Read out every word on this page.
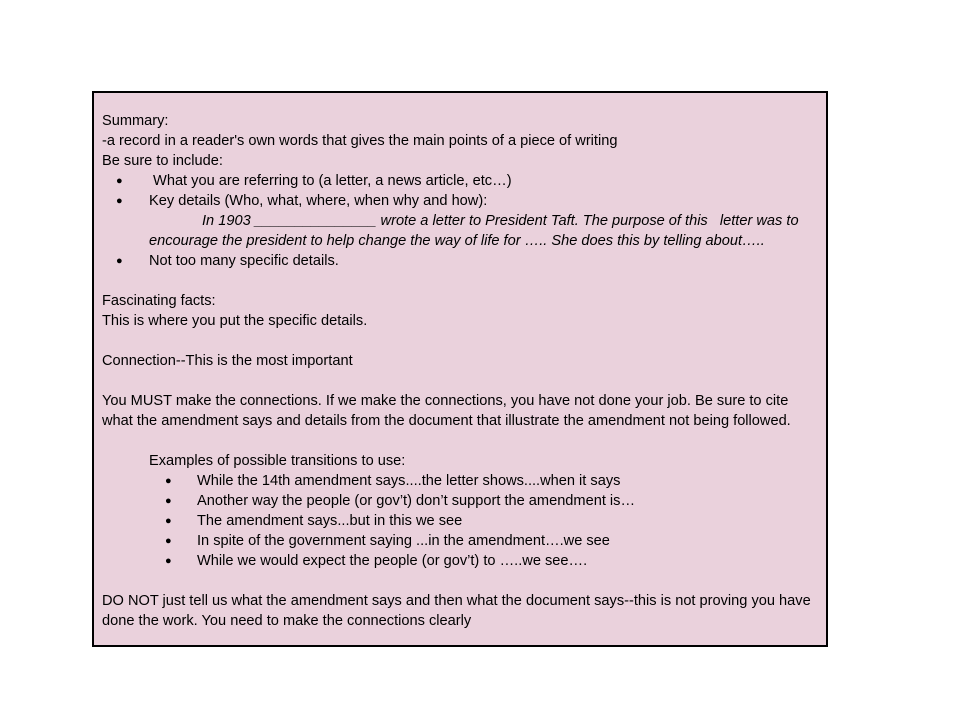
Summary:
-a record in a reader's own words that gives the main points of a piece of writing
Be sure to include:
● What you are referring to (a letter, a news article, etc…)
● Key details (Who, what, where, when why and how):
In 1903 _______________ wrote a letter to President Taft. The purpose of this   letter was to
encourage the president to help change the way of life for ….. She does this by telling about…..
● Not too many specific details.
Fascinating facts:
This is where you put the specific details.
Connection--This is the most important
You MUST make the connections. If we make the connections, you have not done your job. Be sure to cite
what the amendment says and details from the document that illustrate the amendment not being followed.
Examples of possible transitions to use:
● While the 14th amendment says....the letter shows....when it says
● Another way the people (or gov’t) don’t support the amendment is…
● The amendment says...but in this we see
● In spite of the government saying ...in the amendment….we see
● While we would expect the people (or gov’t) to …..we see….
DO NOT just tell us what the amendment says and then what the document says--this is not proving you have
done the work. You need to make the connections clearly
